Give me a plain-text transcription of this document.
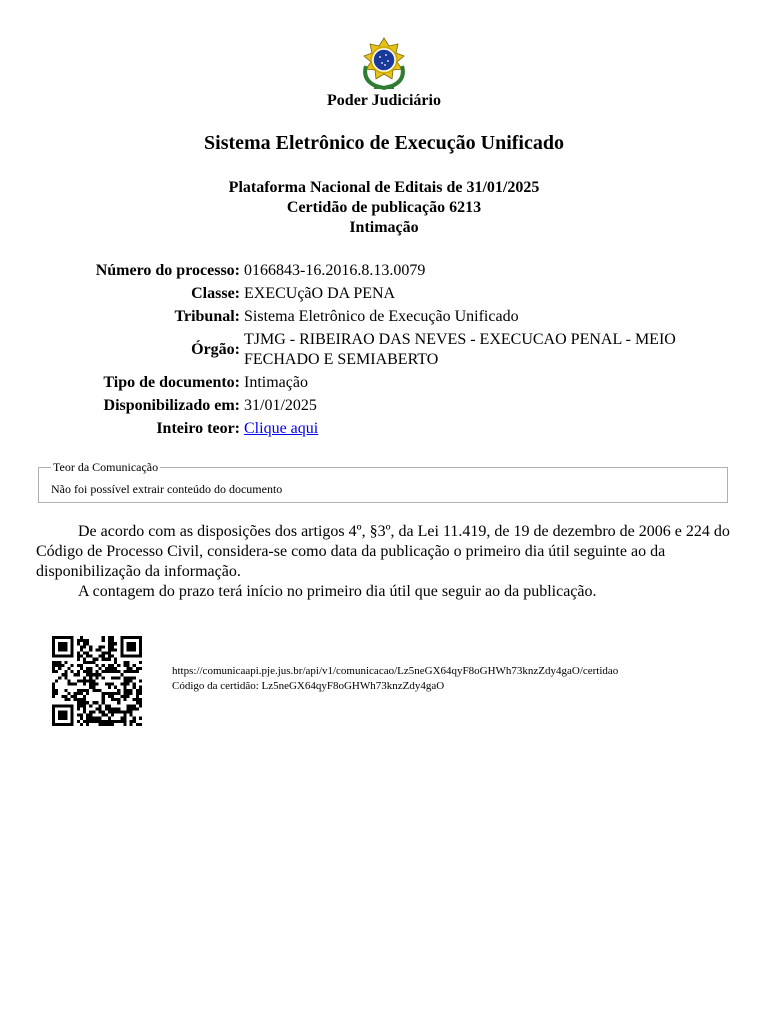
Poder Judiciário
Sistema Eletrônico de Execução Unificado
Plataforma Nacional de Editais de 31/01/2025
Certidão de publicação 6213
Intimação
Número do processo: 0166843-16.2016.8.13.0079
Classe: EXECUçãO DA PENA
Tribunal: Sistema Eletrônico de Execução Unificado
Órgão:
TJMG - RIBEIRAO DAS NEVES - EXECUCAO PENAL - MEIO FECHADO E SEMIABERTO
Tipo de documento: Intimação
Disponibilizado em: 31/01/2025
Inteiro teor: Clique aqui
Teor da Comunicação
Não foi possível extrair conteúdo do documento

De acordo com as disposições dos artigos 4º, §3º, da Lei 11.419, de 19 de dezembro de 2006 e 224 do Código de Processo Civil, considera-se como data da publicação o primeiro dia útil seguinte ao da disponibilização da informação.

A contagem do prazo terá início no primeiro dia útil que seguir ao da publicação.

https://comunicaapi.pje.jus.br/api/v1/comunicacao/Lz5neGX64qyF8oGHWh73knzZdy4gaO/certidao
Código da certidão: Lz5neGX64qyF8oGHWh73knzZdy4gaO
